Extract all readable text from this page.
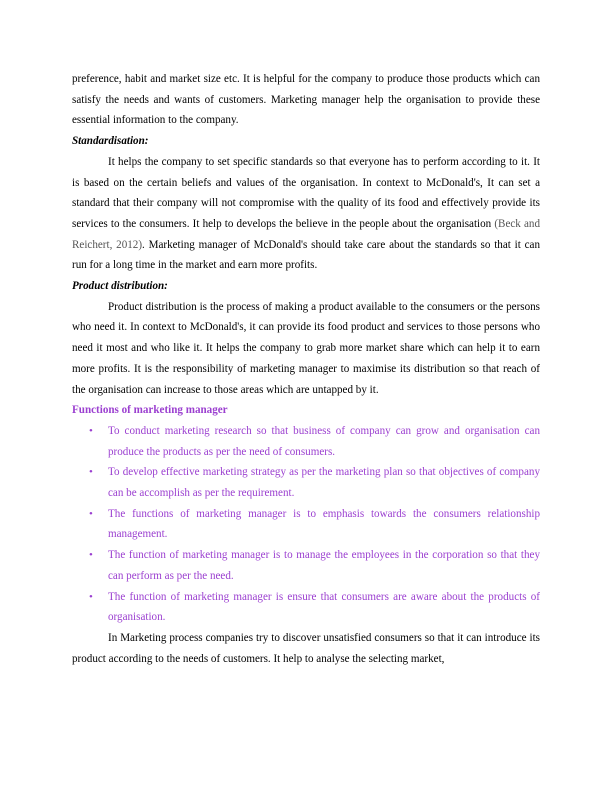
preference, habit and market size etc. It is helpful for the company to produce those products which can satisfy the needs and wants of customers. Marketing manager help the organisation to provide these essential information to the company.

Standardisation:

It helps the company to set specific standards so that everyone has to perform according to it. It is based on the certain beliefs and values of the organisation. In context to McDonald's, It can set a standard that their company will not compromise with the quality of its food and effectively provide its services to the consumers. It help to develops the believe in the people about the organisation (Beck and Reichert, 2012). Marketing manager of McDonald's should take care about the standards so that it can run for a long time in the market and earn more profits.

Product distribution:

Product distribution is the process of making a product available to the consumers or the persons who need it. In context to McDonald's, it can provide its food product and services to those persons who need it most and who like it. It helps the company to grab more market share which can help it to earn more profits. It is the responsibility of marketing manager to maximise its distribution so that reach of the organisation can increase to those areas which are untapped by it.

Functions of marketing manager

• To conduct marketing research so that business of company can grow and organisation can produce the products as per the need of consumers.
• To develop effective marketing strategy as per the marketing plan so that objectives of company can be accomplish as per the requirement.
• The functions of marketing manager is to emphasis towards the consumers relationship management.
• The function of marketing manager is to manage the employees in the corporation so that they can perform as per the need.
• The function of marketing manager is ensure that consumers are aware about the products of organisation.

In Marketing process companies try to discover unsatisfied consumers so that it can introduce its product according to the needs of customers. It help to analyse the selecting market,
